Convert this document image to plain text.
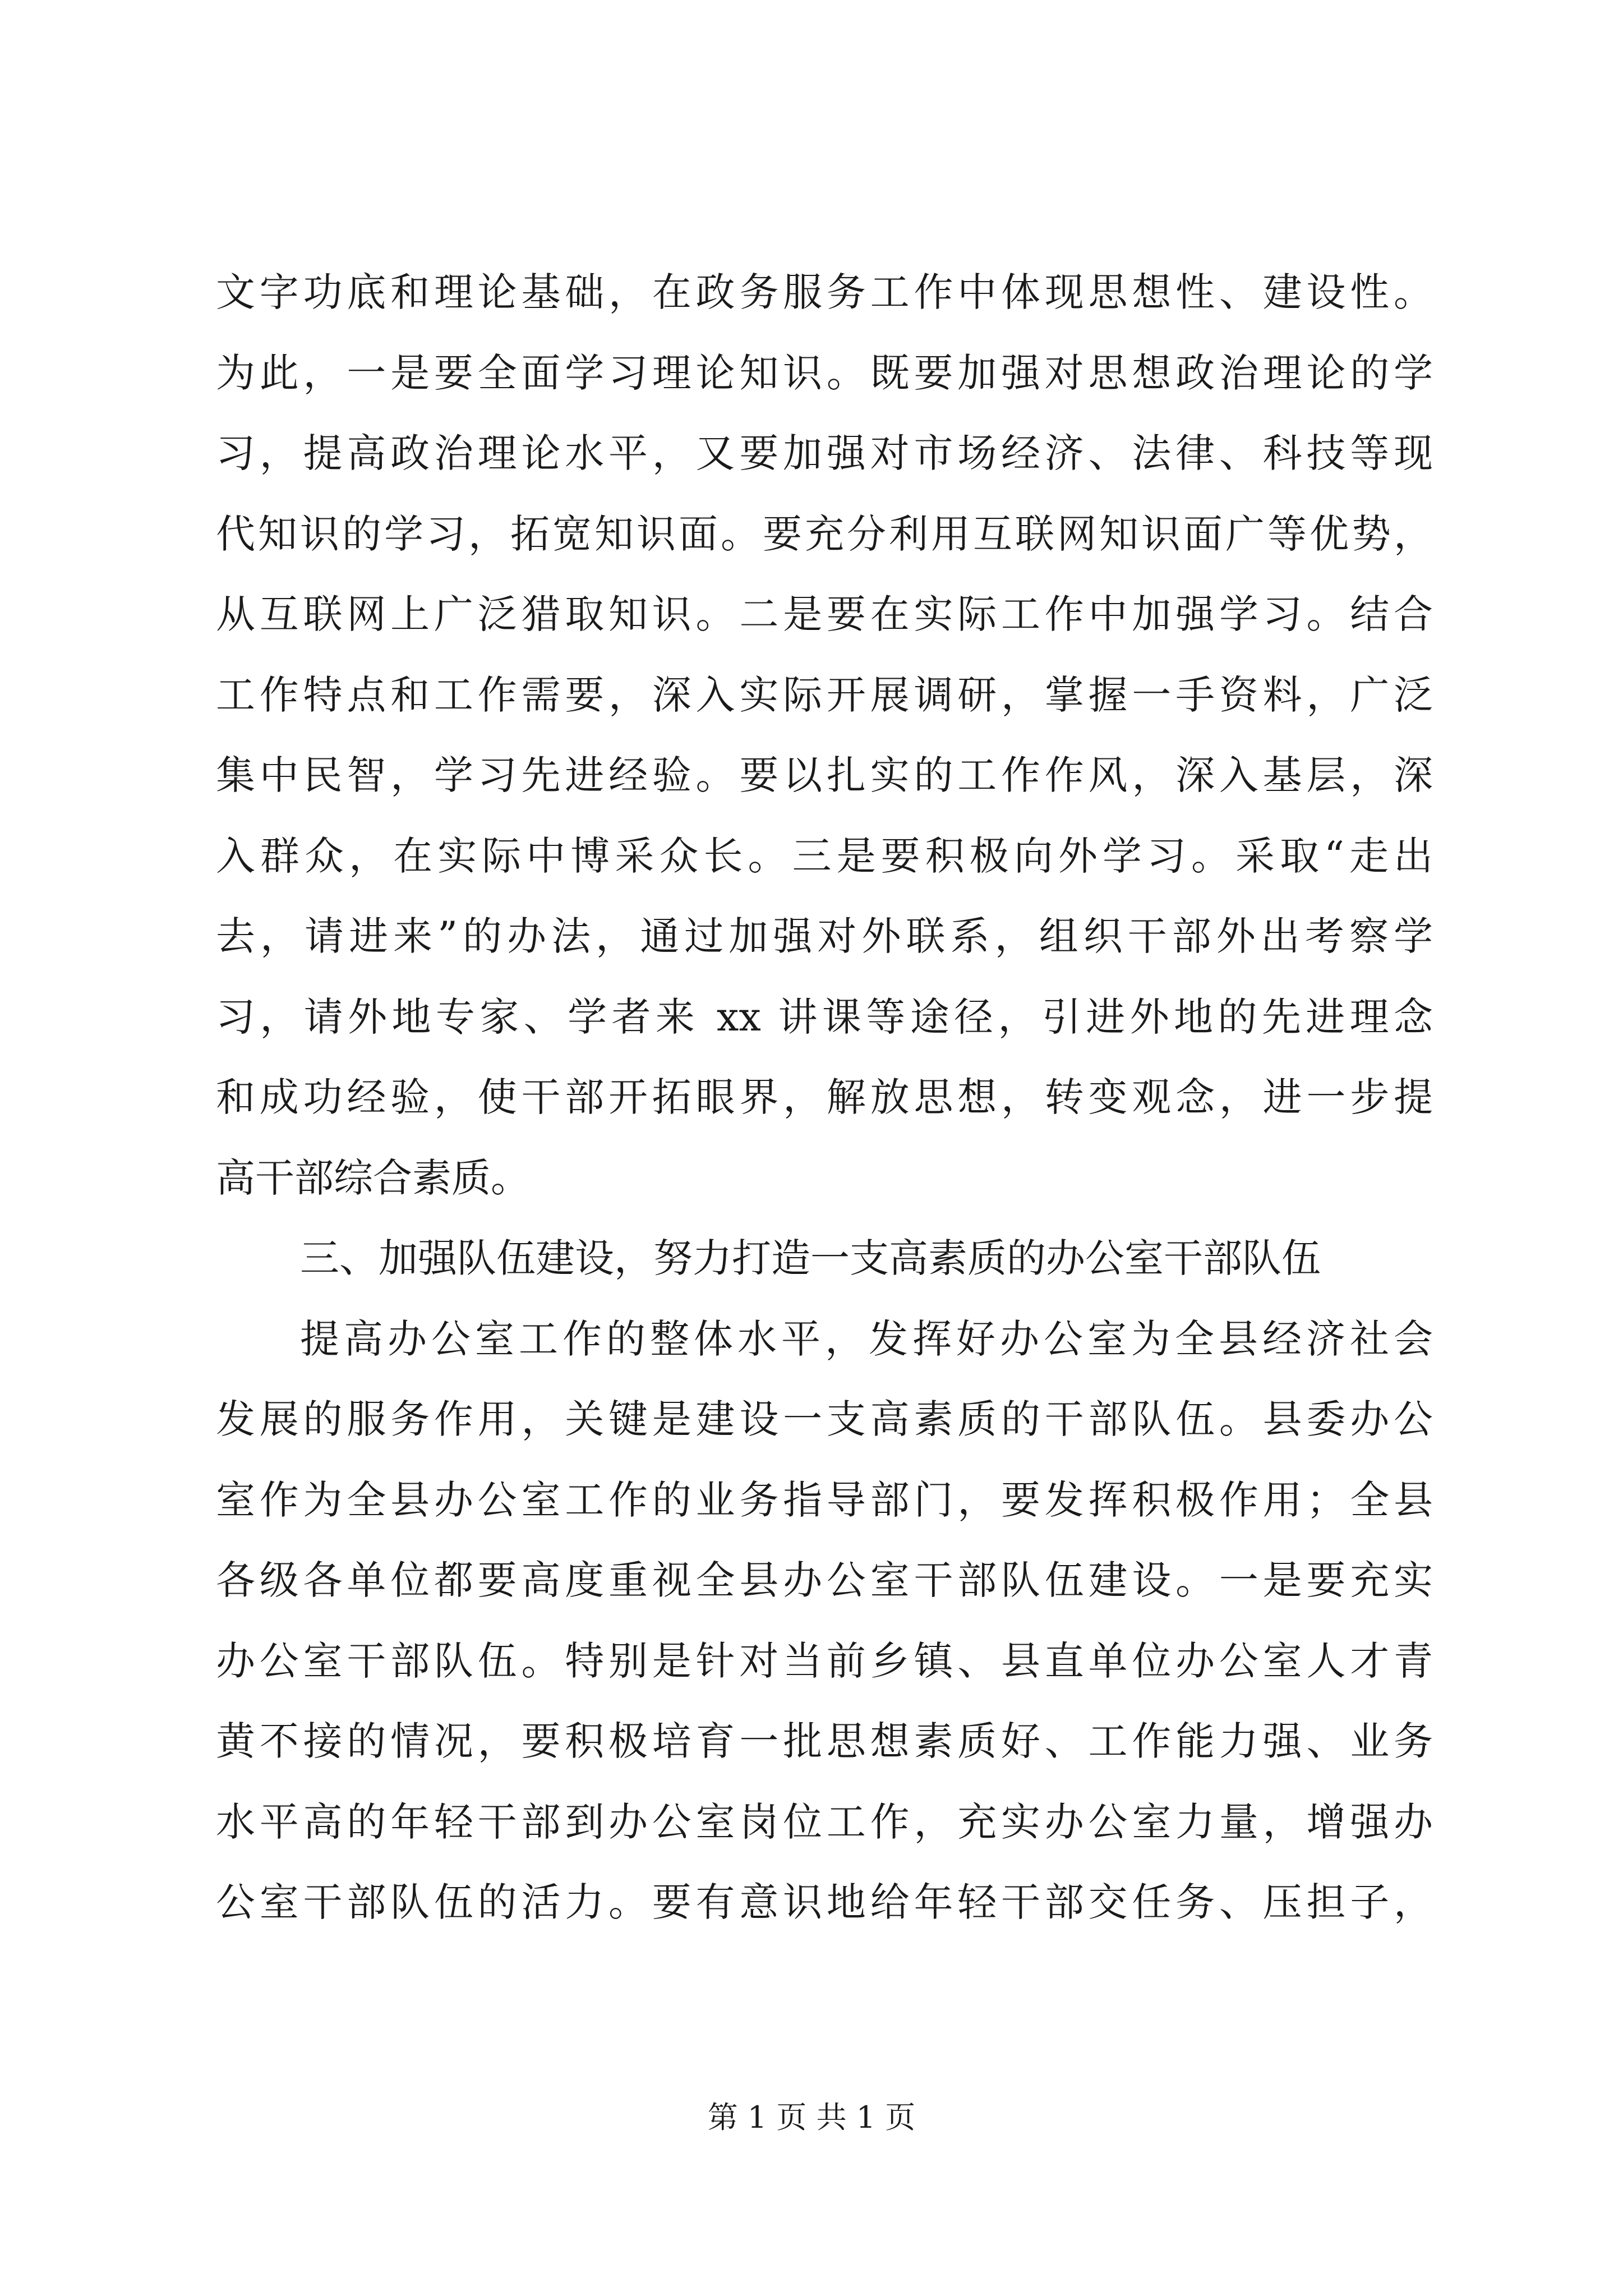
文字功底和理论基础，在政务服务工作中体现思想性、建设性。
为此，一是要全面学习理论知识。既要加强对思想政治理论的学
习，提高政治理论水平，又要加强对市场经济、法律、科技等现
代知识的学习，拓宽知识面。要充分利用互联网知识面广等优势，
从互联网上广泛猎取知识。二是要在实际工作中加强学习。结合
工作特点和工作需要，深入实际开展调研，掌握一手资料，广泛
集中民智，学习先进经验。要以扎实的工作作风，深入基层，深
入群众，在实际中博采众长。三是要积极向外学习。采取“走出
去，请进来”的办法，通过加强对外联系，组织干部外出考察学
习，请外地专家、学者来 xx 讲课等途径，引进外地的先进理念
和成功经验，使干部开拓眼界，解放思想，转变观念，进一步提
高干部综合素质。
三、加强队伍建设，努力打造一支高素质的办公室干部队伍
提高办公室工作的整体水平，发挥好办公室为全县经济社会
发展的服务作用，关键是建设一支高素质的干部队伍。县委办公
室作为全县办公室工作的业务指导部门，要发挥积极作用；全县
各级各单位都要高度重视全县办公室干部队伍建设。一是要充实
办公室干部队伍。特别是针对当前乡镇、县直单位办公室人才青
黄不接的情况，要积极培育一批思想素质好、工作能力强、业务
水平高的年轻干部到办公室岗位工作，充实办公室力量，增强办
公室干部队伍的活力。要有意识地给年轻干部交任务、压担子，
第 1 页 共 1 页
